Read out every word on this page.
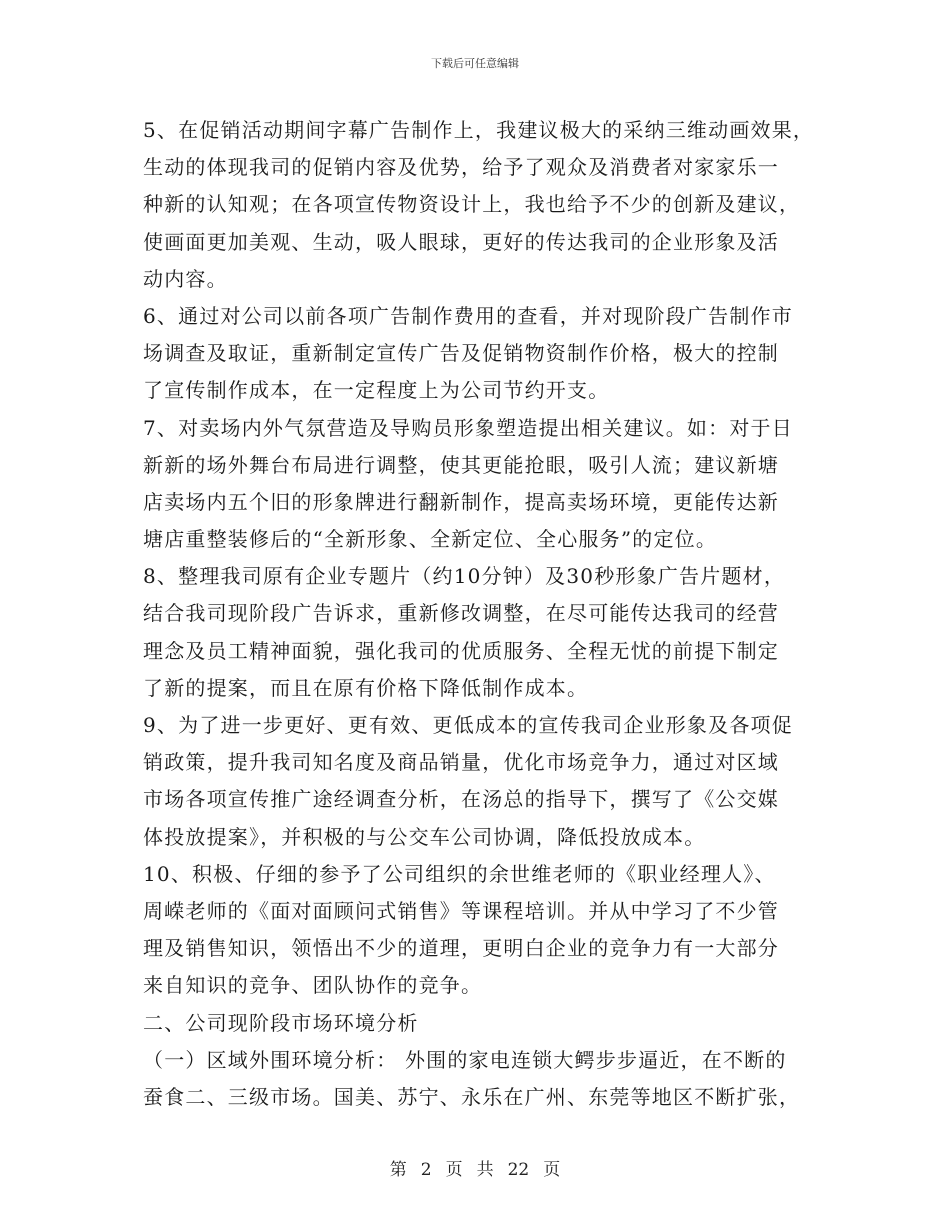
下载后可任意编辑
5、在促销活动期间字幕广告制作上，我建议极大的采纳三维动画效果，
生动的体现我司的促销内容及优势，给予了观众及消费者对家家乐一
种新的认知观；在各项宣传物资设计上，我也给予不少的创新及建议，
使画面更加美观、生动，吸人眼球，更好的传达我司的企业形象及活
动内容。
6、通过对公司以前各项广告制作费用的查看，并对现阶段广告制作市
场调查及取证，重新制定宣传广告及促销物资制作价格，极大的控制
了宣传制作成本，在一定程度上为公司节约开支。
7、对卖场内外气氛营造及导购员形象塑造提出相关建议。如：对于日
新新的场外舞台布局进行调整，使其更能抢眼，吸引人流；建议新塘
店卖场内五个旧的形象牌进行翻新制作，提高卖场环境，更能传达新
塘店重整装修后的“全新形象、全新定位、全心服务”的定位。
8、整理我司原有企业专题片（约10分钟）及30秒形象广告片题材，
结合我司现阶段广告诉求，重新修改调整，在尽可能传达我司的经营
理念及员工精神面貌，强化我司的优质服务、全程无忧的前提下制定
了新的提案，而且在原有价格下降低制作成本。
9、为了进一步更好、更有效、更低成本的宣传我司企业形象及各项促
销政策，提升我司知名度及商品销量，优化市场竞争力，通过对区域
市场各项宣传推广途经调查分析，在汤总的指导下，撰写了《公交媒
体投放提案》，并积极的与公交车公司协调，降低投放成本。
10、积极、仔细的参予了公司组织的余世维老师的《职业经理人》、
周嵘老师的《面对面顾问式销售》等课程培训。并从中学习了不少管
理及销售知识，领悟出不少的道理，更明白企业的竞争力有一大部分
来自知识的竞争、团队协作的竞争。
二、公司现阶段市场环境分析
（一）区域外围环境分析： 外围的家电连锁大鳄步步逼近，在不断的
蚕食二、三级市场。国美、苏宁、永乐在广州、东莞等地区不断扩张，
第 2 页 共 22 页
